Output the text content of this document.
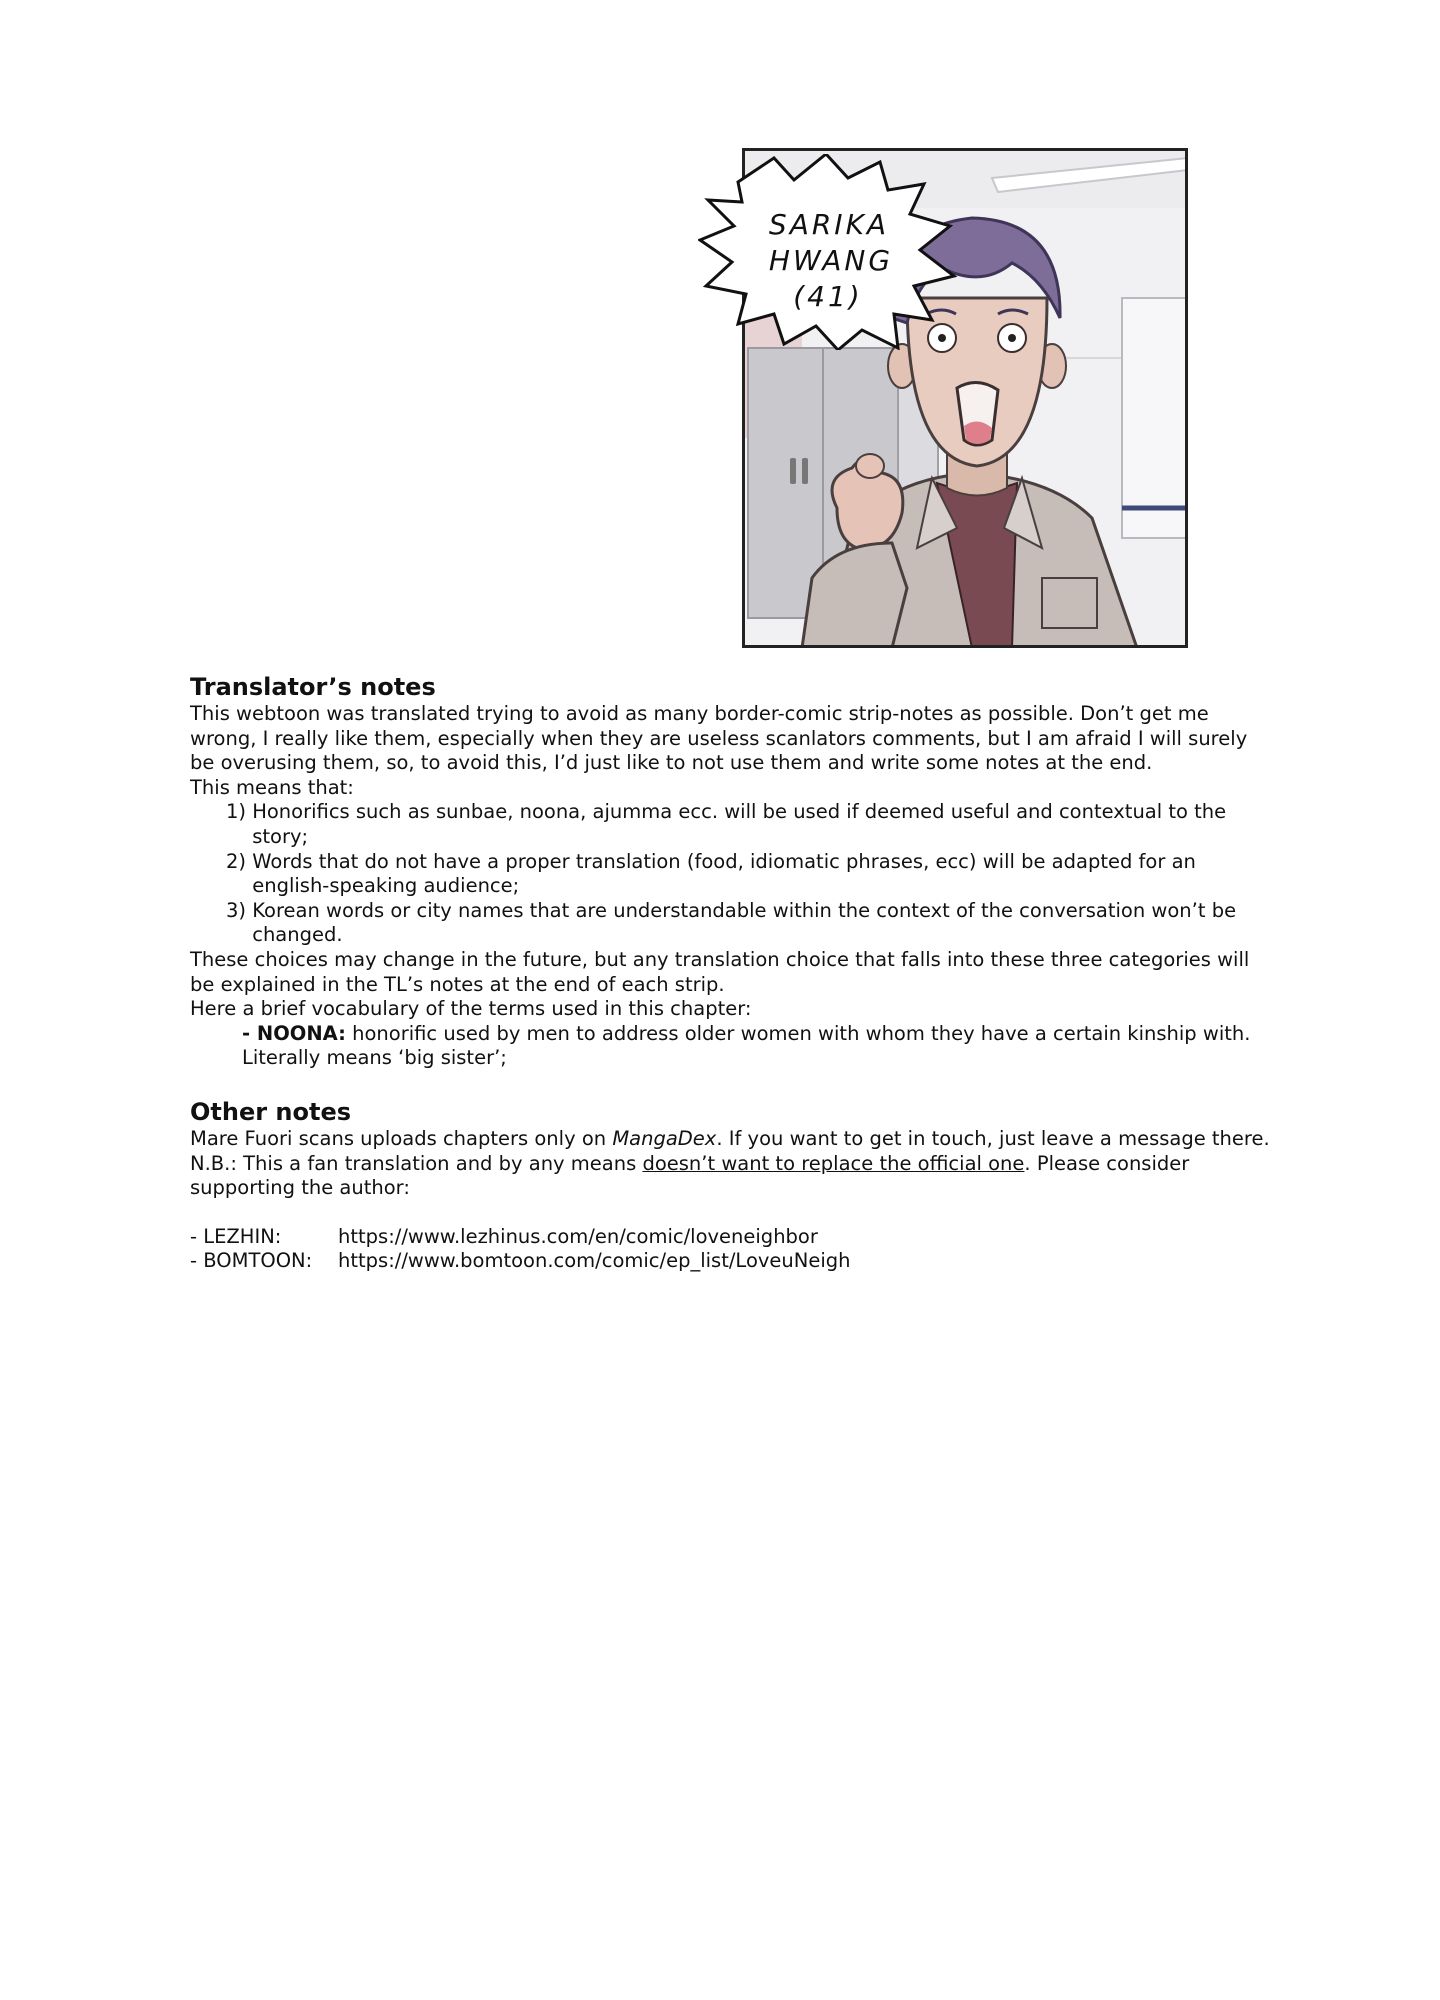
SARIKA
HWANG
(41)

Translator’s notes

This webtoon was translated trying to avoid as many border-comic strip-notes as possible. Don’t get me wrong, I really like them, especially when they are useless scanlators comments, but I am afraid I will surely be overusing them, so, to avoid this, I’d just like to not use them and write some notes at the end.

This means that:

1) Honorifics such as sunbae, noona, ajumma ecc. will be used if deemed useful and contextual to the story;
2) Words that do not have a proper translation (food, idiomatic phrases, ecc) will be adapted for an english-speaking audience;
3) Korean words or city names that are understandable within the context of the conversation won’t be changed.

These choices may change in the future, but any translation choice that falls into these three categories will be explained in the TL’s notes at the end of each strip.

Here a brief vocabulary of the terms used in this chapter:

- NOONA: honorific used by men to address older women with whom they have a certain kinship with. Literally means ‘big sister’;

Other notes

Mare Fuori scans uploads chapters only on MangaDex. If you want to get in touch, just leave a message there.

N.B.: This a fan translation and by any means doesn’t want to replace the official one. Please consider supporting the author:

- LEZHIN:	https://www.lezhinus.com/en/comic/loveneighbor
- BOMTOON:	https://www.bomtoon.com/comic/ep_list/LoveuNeigh
